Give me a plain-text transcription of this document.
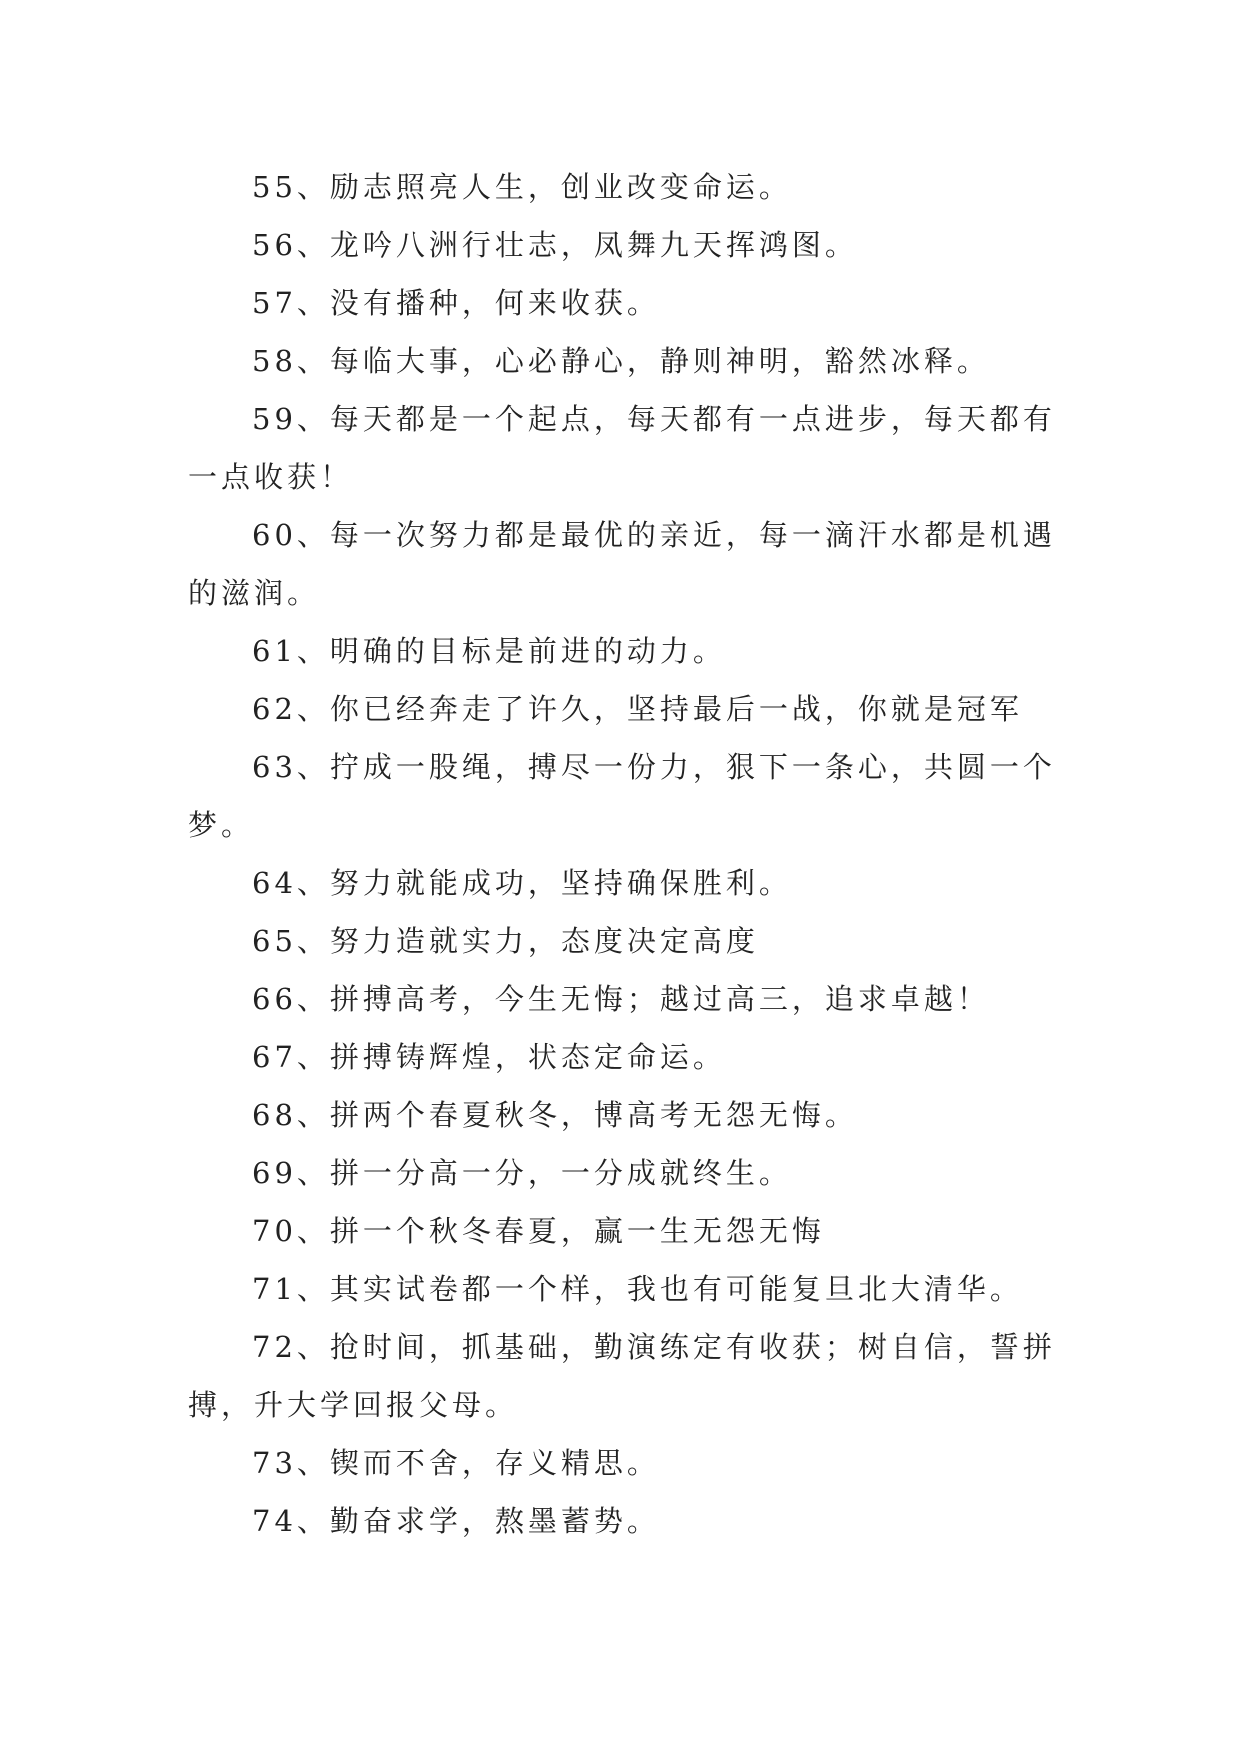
55、励志照亮人生，创业改变命运。

56、龙吟八洲行壮志，凤舞九天挥鸿图。

57、没有播种，何来收获。

58、每临大事，心必静心，静则神明，豁然冰释。

59、每天都是一个起点，每天都有一点进步，每天都有一点收获！

60、每一次努力都是最优的亲近，每一滴汗水都是机遇的滋润。

61、明确的目标是前进的动力。

62、你已经奔走了许久，坚持最后一战，你就是冠军

63、拧成一股绳，搏尽一份力，狠下一条心，共圆一个梦。

64、努力就能成功，坚持确保胜利。

65、努力造就实力，态度决定高度

66、拼搏高考，今生无悔；越过高三，追求卓越！

67、拼搏铸辉煌，状态定命运。

68、拼两个春夏秋冬，博高考无怨无悔。

69、拼一分高一分，一分成就终生。

70、拼一个秋冬春夏，赢一生无怨无悔

71、其实试卷都一个样，我也有可能复旦北大清华。

72、抢时间，抓基础，勤演练定有收获；树自信，誓拼搏，升大学回报父母。

73、锲而不舍，存义精思。

74、勤奋求学，熬墨蓄势。
